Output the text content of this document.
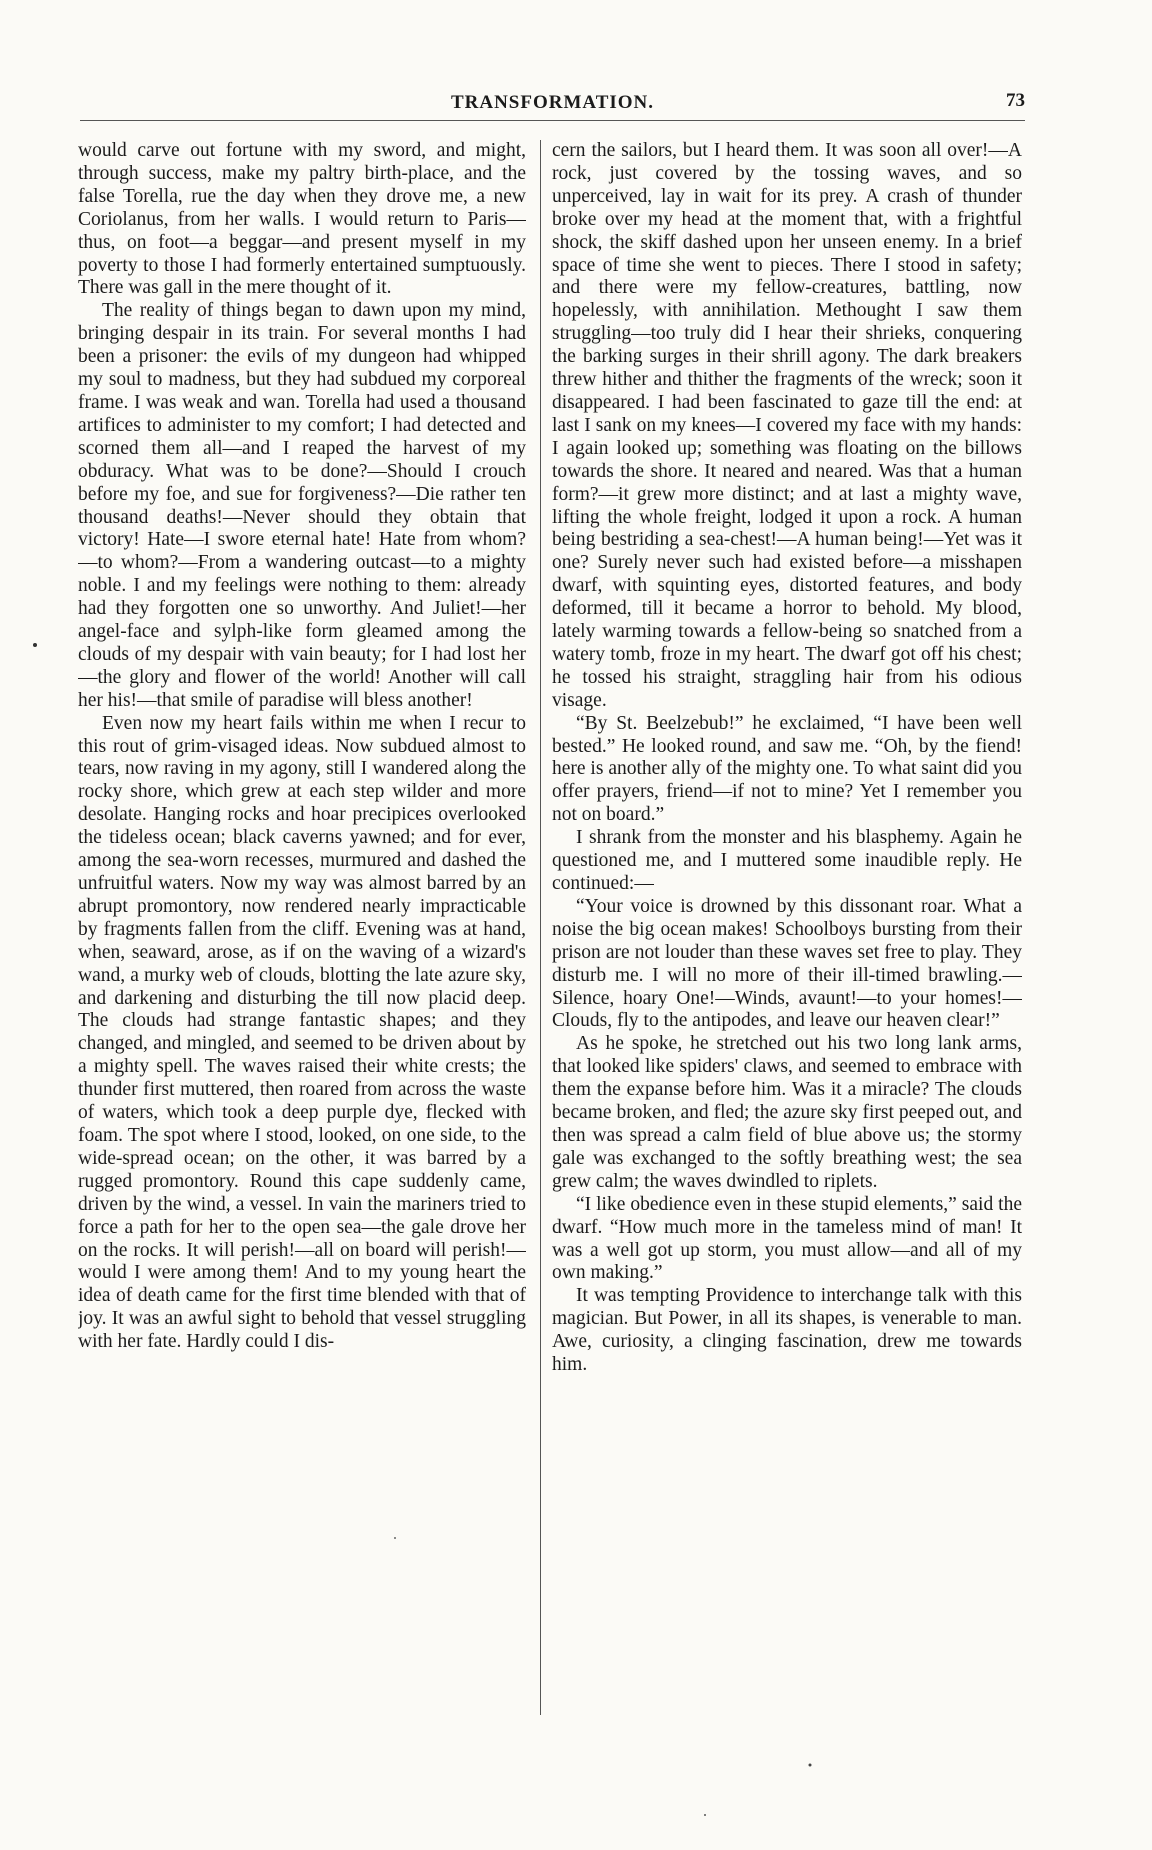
TRANSFORMATION.	73

would carve out fortune with my sword, and might, through success, make my paltry birth-place, and the false Torella, rue the day when they drove me, a new Coriolanus, from her walls. I would return to Paris—thus, on foot—a beggar—and present myself in my poverty to those I had formerly entertained sumptuously. There was gall in the mere thought of it.

The reality of things began to dawn upon my mind, bringing despair in its train. For several months I had been a prisoner: the evils of my dungeon had whipped my soul to madness, but they had subdued my corporeal frame. I was weak and wan. Torella had used a thousand artifices to administer to my comfort; I had detected and scorned them all—and I reaped the harvest of my obduracy. What was to be done?—Should I crouch before my foe, and sue for forgiveness?—Die rather ten thousand deaths!—Never should they obtain that victory! Hate—I swore eternal hate! Hate from whom?—to whom?—From a wandering outcast—to a mighty noble. I and my feelings were nothing to them: already had they forgotten one so unworthy. And Juliet!—her angel-face and sylph-like form gleamed among the clouds of my despair with vain beauty; for I had lost her—the glory and flower of the world! Another will call her his!—that smile of paradise will bless another!

Even now my heart fails within me when I recur to this rout of grim-visaged ideas. Now subdued almost to tears, now raving in my agony, still I wandered along the rocky shore, which grew at each step wilder and more desolate. Hanging rocks and hoar precipices overlooked the tideless ocean; black caverns yawned; and for ever, among the sea-worn recesses, murmured and dashed the unfruitful waters. Now my way was almost barred by an abrupt promontory, now rendered nearly impracticable by fragments fallen from the cliff. Evening was at hand, when, seaward, arose, as if on the waving of a wizard's wand, a murky web of clouds, blotting the late azure sky, and darkening and disturbing the till now placid deep. The clouds had strange fantastic shapes; and they changed, and mingled, and seemed to be driven about by a mighty spell. The waves raised their white crests; the thunder first muttered, then roared from across the waste of waters, which took a deep purple dye, flecked with foam. The spot where I stood, looked, on one side, to the wide-spread ocean; on the other, it was barred by a rugged promontory. Round this cape suddenly came, driven by the wind, a vessel. In vain the mariners tried to force a path for her to the open sea—the gale drove her on the rocks. It will perish!—all on board will perish!—would I were among them! And to my young heart the idea of death came for the first time blended with that of joy. It was an awful sight to behold that vessel struggling with her fate. Hardly could I dis-

cern the sailors, but I heard them. It was soon all over!—A rock, just covered by the tossing waves, and so unperceived, lay in wait for its prey. A crash of thunder broke over my head at the moment that, with a frightful shock, the skiff dashed upon her unseen enemy. In a brief space of time she went to pieces. There I stood in safety; and there were my fellow-creatures, battling, now hopelessly, with annihilation. Methought I saw them struggling—too truly did I hear their shrieks, conquering the barking surges in their shrill agony. The dark breakers threw hither and thither the fragments of the wreck; soon it disappeared. I had been fascinated to gaze till the end: at last I sank on my knees—I covered my face with my hands: I again looked up; something was floating on the billows towards the shore. It neared and neared. Was that a human form?—it grew more distinct; and at last a mighty wave, lifting the whole freight, lodged it upon a rock. A human being bestriding a sea-chest!—A human being!—Yet was it one? Surely never such had existed before—a misshapen dwarf, with squinting eyes, distorted features, and body deformed, till it became a horror to behold. My blood, lately warming towards a fellow-being so snatched from a watery tomb, froze in my heart. The dwarf got off his chest; he tossed his straight, straggling hair from his odious visage.

“By St. Beelzebub!” he exclaimed, “I have been well bested.” He looked round, and saw me. “Oh, by the fiend! here is another ally of the mighty one. To what saint did you offer prayers, friend—if not to mine? Yet I remember you not on board.”

I shrank from the monster and his blasphemy. Again he questioned me, and I muttered some inaudible reply. He continued:—

“Your voice is drowned by this dissonant roar. What a noise the big ocean makes! Schoolboys bursting from their prison are not louder than these waves set free to play. They disturb me. I will no more of their ill-timed brawling.—Silence, hoary One!—Winds, avaunt!—to your homes!—Clouds, fly to the antipodes, and leave our heaven clear!”

As he spoke, he stretched out his two long lank arms, that looked like spiders' claws, and seemed to embrace with them the expanse before him. Was it a miracle? The clouds became broken, and fled; the azure sky first peeped out, and then was spread a calm field of blue above us; the stormy gale was exchanged to the softly breathing west; the sea grew calm; the waves dwindled to riplets.

“I like obedience even in these stupid elements,” said the dwarf. “How much more in the tameless mind of man! It was a well got up storm, you must allow—and all of my own making.”

It was tempting Providence to interchange talk with this magician. But Power, in all its shapes, is venerable to man. Awe, curiosity, a clinging fascination, drew me towards him.
